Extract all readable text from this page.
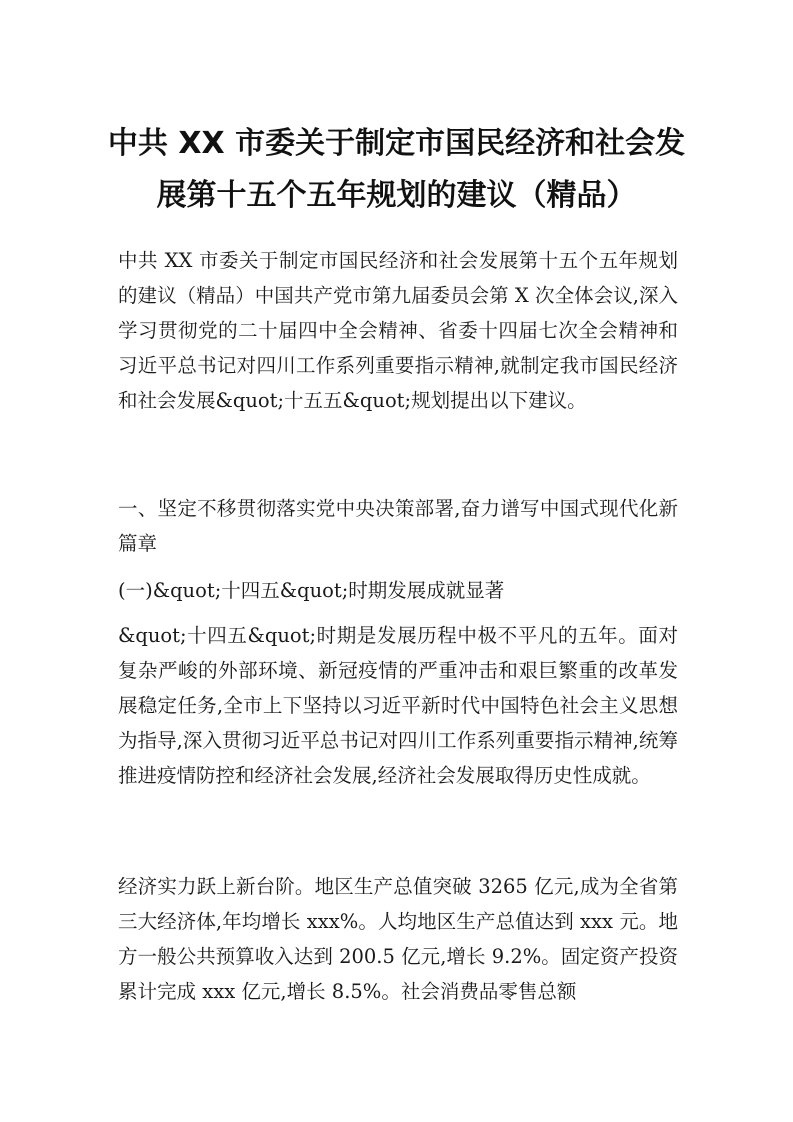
中共 XX 市委关于制定市国民经济和社会发
展第十五个五年规划的建议（精品）

中共 XX 市委关于制定市国民经济和社会发展第十五个五年规划的建议（精品）中国共产党市第九届委员会第 X 次全体会议,深入学习贯彻党的二十届四中全会精神、省委十四届七次全会精神和习近平总书记对四川工作系列重要指示精神,就制定我市国民经济和社会发展&quot;十五五&quot;规划提出以下建议。

一、坚定不移贯彻落实党中央决策部署,奋力谱写中国式现代化新篇章

(一)&quot;十四五&quot;时期发展成就显著

&quot;十四五&quot;时期是发展历程中极不平凡的五年。面对复杂严峻的外部环境、新冠疫情的严重冲击和艰巨繁重的改革发展稳定任务,全市上下坚持以习近平新时代中国特色社会主义思想为指导,深入贯彻习近平总书记对四川工作系列重要指示精神,统筹推进疫情防控和经济社会发展,经济社会发展取得历史性成就。

经济实力跃上新台阶。地区生产总值突破 3265 亿元,成为全省第三大经济体,年均增长 xxx%。人均地区生产总值达到 xxx 元。地方一般公共预算收入达到 200.5 亿元,增长 9.2%。固定资产投资累计完成 xxx 亿元,增长 8.5%。社会消费品零售总额
